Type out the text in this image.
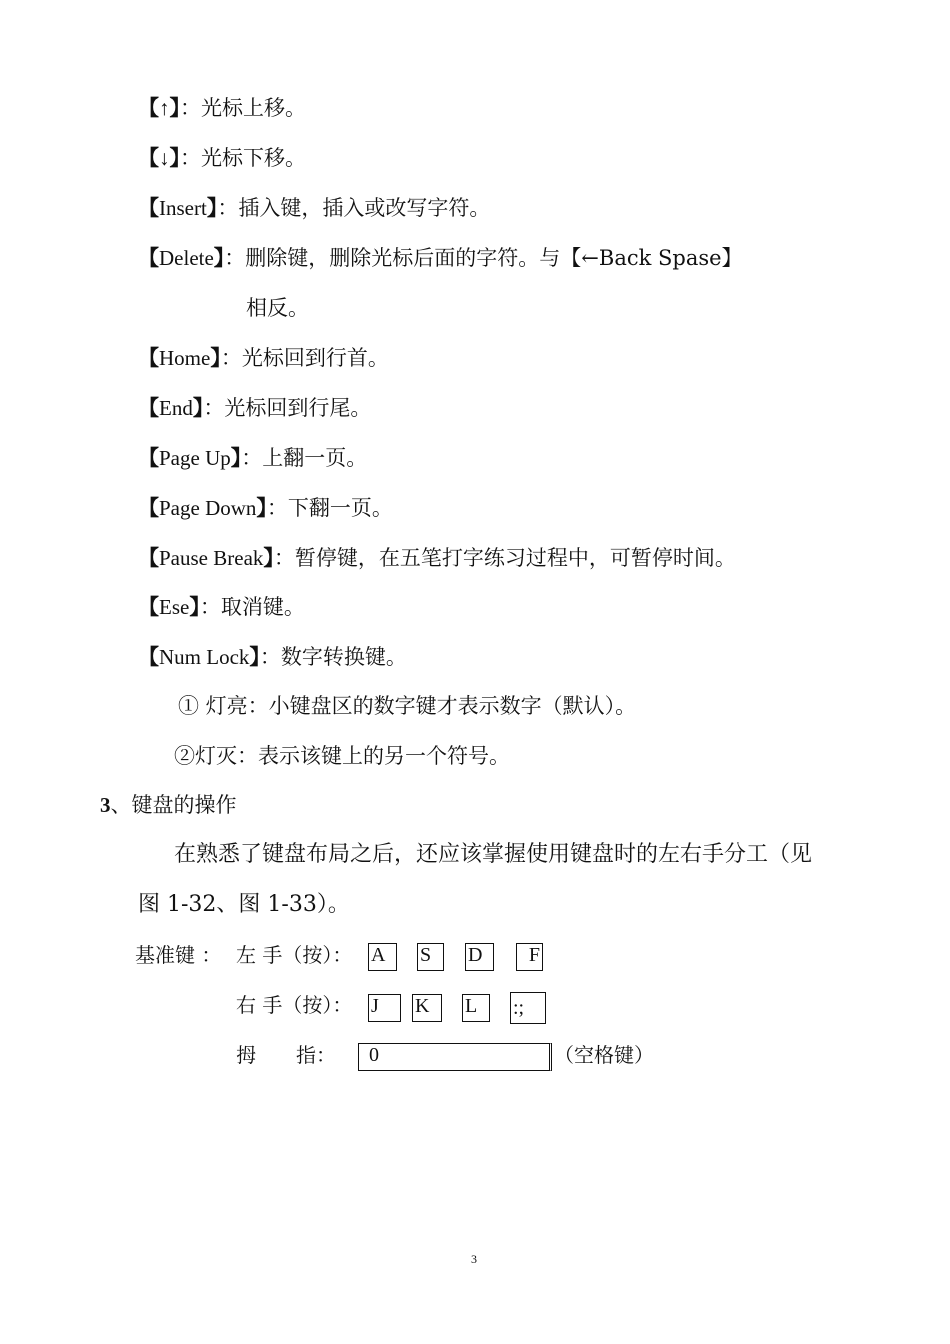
【↑】：光标上移。
【↓】：光标下移。
【Insert】：插入键，插入或改写字符。
【Delete】：删除键，删除光标后面的字符。与【←Back Spase】
相反。
【Home】：光标回到行首。
【End】：光标回到行尾。
【Page Up】：上翻一页。
【Page Down】：下翻一页。
【Pause Break】：暂停键，在五笔打字练习过程中，可暂停时间。
【Ese】：取消键。
【Num Lock】：数字转换键。
① 灯亮：小键盘区的数字键才表示数字（默认）。
②灯灭：表示该键上的另一个符号。
3、键盘的操作
在熟悉了键盘布局之后，还应该掌握使用键盘时的左右手分工（见
图 1-32、图 1-33）。
基准键 ： 左 手（按）： A	S	D	F
右 手（按）： J	K	L	:;
拇　　指：	0	（空格键）
3
